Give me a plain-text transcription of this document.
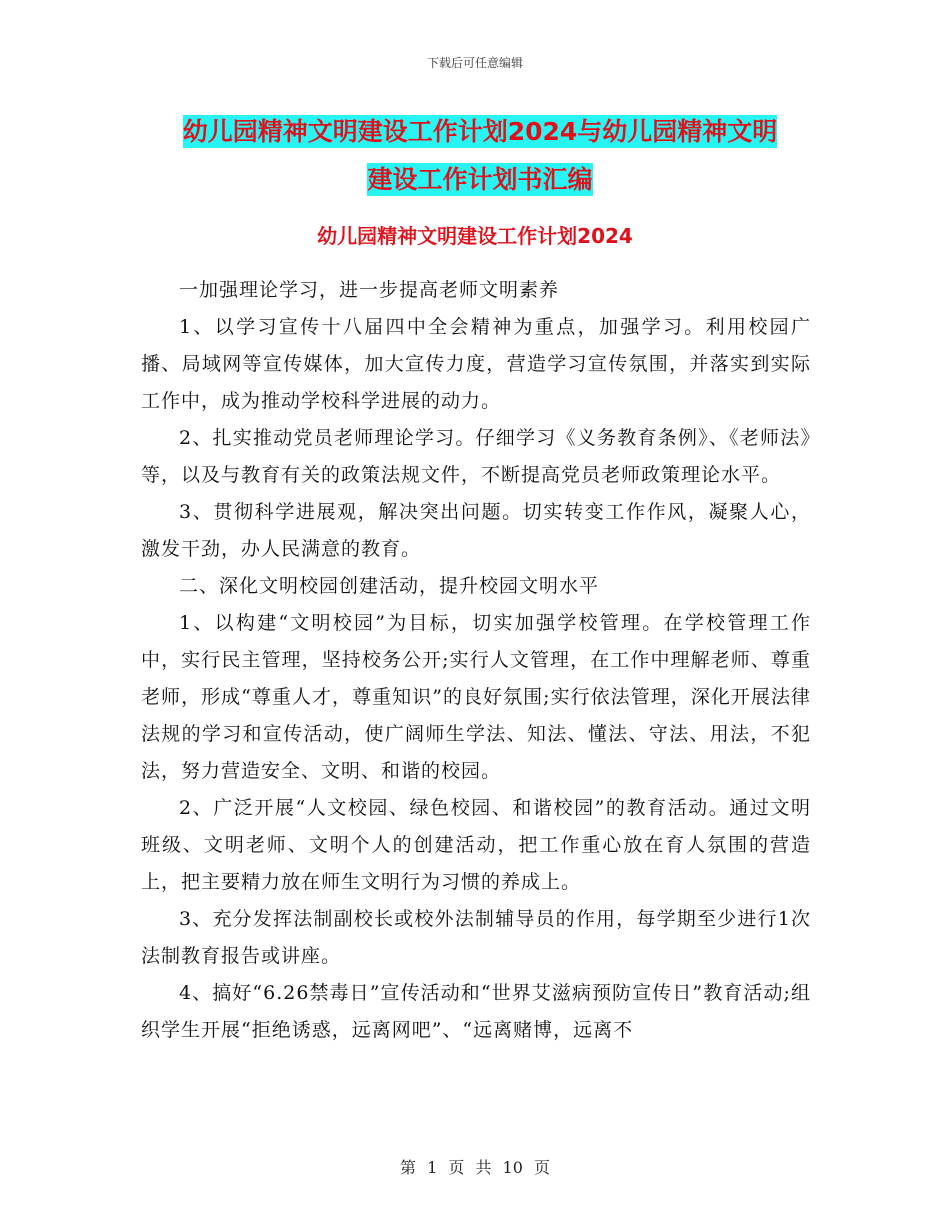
下载后可任意编辑
幼儿园精神文明建设工作计划2024与幼儿园精神文明
建设工作计划书汇编
幼儿园精神文明建设工作计划2024

一加强理论学习，进一步提高老师文明素养

1、以学习宣传十八届四中全会精神为重点，加强学习。利用校园广播、局域网等宣传媒体，加大宣传力度，营造学习宣传氛围，并落实到实际工作中，成为推动学校科学进展的动力。

2、扎实推动党员老师理论学习。仔细学习《义务教育条例》、《老师法》等，以及与教育有关的政策法规文件，不断提高党员老师政策理论水平。

3、贯彻科学进展观，解决突出问题。切实转变工作作风，凝聚人心，激发干劲，办人民满意的教育。

二、深化文明校园创建活动，提升校园文明水平

1、以构建“文明校园”为目标，切实加强学校管理。在学校管理工作中，实行民主管理，坚持校务公开;实行人文管理，在工作中理解老师、尊重老师，形成“尊重人才，尊重知识”的良好氛围;实行依法管理，深化开展法律法规的学习和宣传活动，使广阔师生学法、知法、懂法、守法、用法，不犯法，努力营造安全、文明、和谐的校园。

2、广泛开展“人文校园、绿色校园、和谐校园”的教育活动。通过文明班级、文明老师、文明个人的创建活动，把工作重心放在育人氛围的营造上，把主要精力放在师生文明行为习惯的养成上。

3、充分发挥法制副校长或校外法制辅导员的作用，每学期至少进行1次法制教育报告或讲座。

4、搞好“6.26禁毒日”宣传活动和“世界艾滋病预防宣传日”教育活动;组织学生开展“拒绝诱惑，远离网吧”、“远离赌博，远离不

第 1 页 共 10 页
